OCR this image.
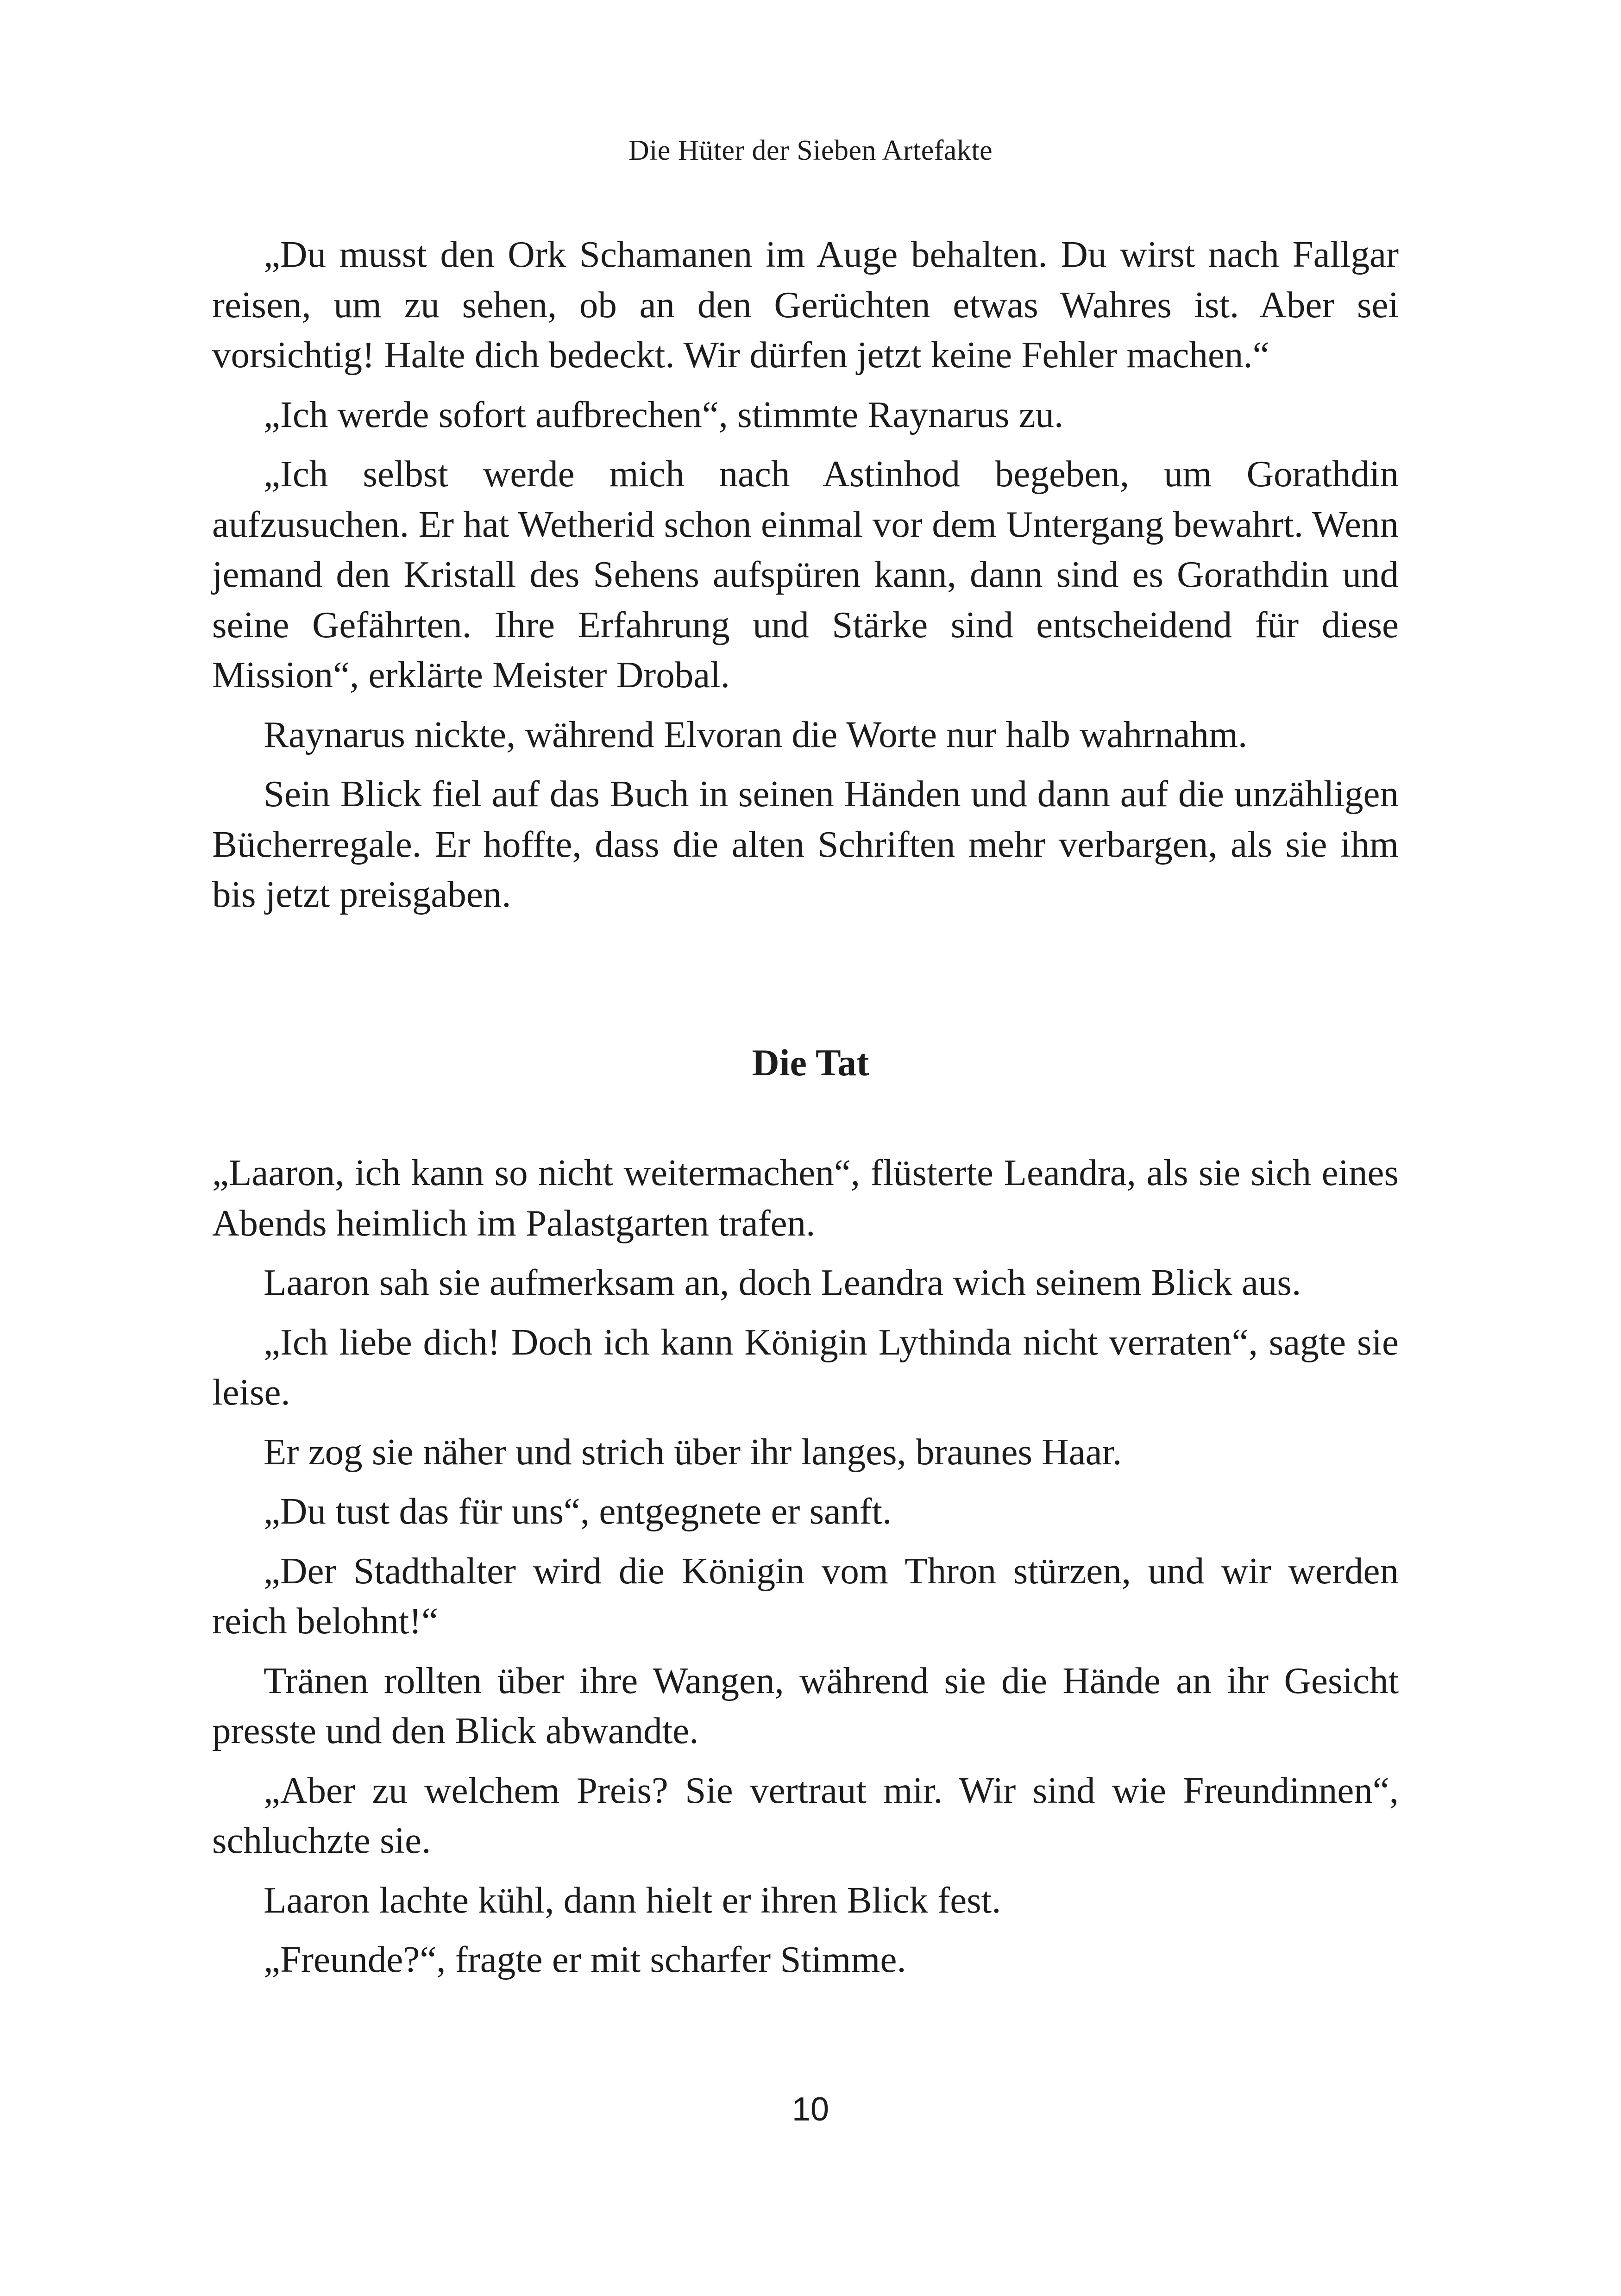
Die Hüter der Sieben Artefakte

„Du musst den Ork Schamanen im Auge behalten. Du wirst nach Fallgar reisen, um zu sehen, ob an den Gerüchten etwas Wahres ist. Aber sei vorsichtig! Halte dich bedeckt. Wir dürfen jetzt keine Fehler machen.“

„Ich werde sofort aufbrechen“, stimmte Raynarus zu.

„Ich selbst werde mich nach Astinhod begeben, um Gorathdin aufzusuchen. Er hat Wetherid schon einmal vor dem Untergang bewahrt. Wenn jemand den Kristall des Sehens aufspüren kann, dann sind es Gorathdin und seine Gefährten. Ihre Erfahrung und Stärke sind entscheidend für diese Mission“, erklärte Meister Drobal.

Raynarus nickte, während Elvoran die Worte nur halb wahrnahm.

Sein Blick fiel auf das Buch in seinen Händen und dann auf die unzähligen Bücherregale. Er hoffte, dass die alten Schriften mehr verbargen, als sie ihm bis jetzt preisgaben.

Die Tat

„Laaron, ich kann so nicht weitermachen“, flüsterte Leandra, als sie sich eines Abends heimlich im Palastgarten trafen.

Laaron sah sie aufmerksam an, doch Leandra wich seinem Blick aus.

„Ich liebe dich! Doch ich kann Königin Lythinda nicht verraten“, sagte sie leise.

Er zog sie näher und strich über ihr langes, braunes Haar.

„Du tust das für uns“, entgegnete er sanft.

„Der Stadthalter wird die Königin vom Thron stürzen, und wir werden reich belohnt!“

Tränen rollten über ihre Wangen, während sie die Hände an ihr Gesicht presste und den Blick abwandte.

„Aber zu welchem Preis? Sie vertraut mir. Wir sind wie Freundinnen“, schluchzte sie.

Laaron lachte kühl, dann hielt er ihren Blick fest.

„Freunde?“, fragte er mit scharfer Stimme.

10
